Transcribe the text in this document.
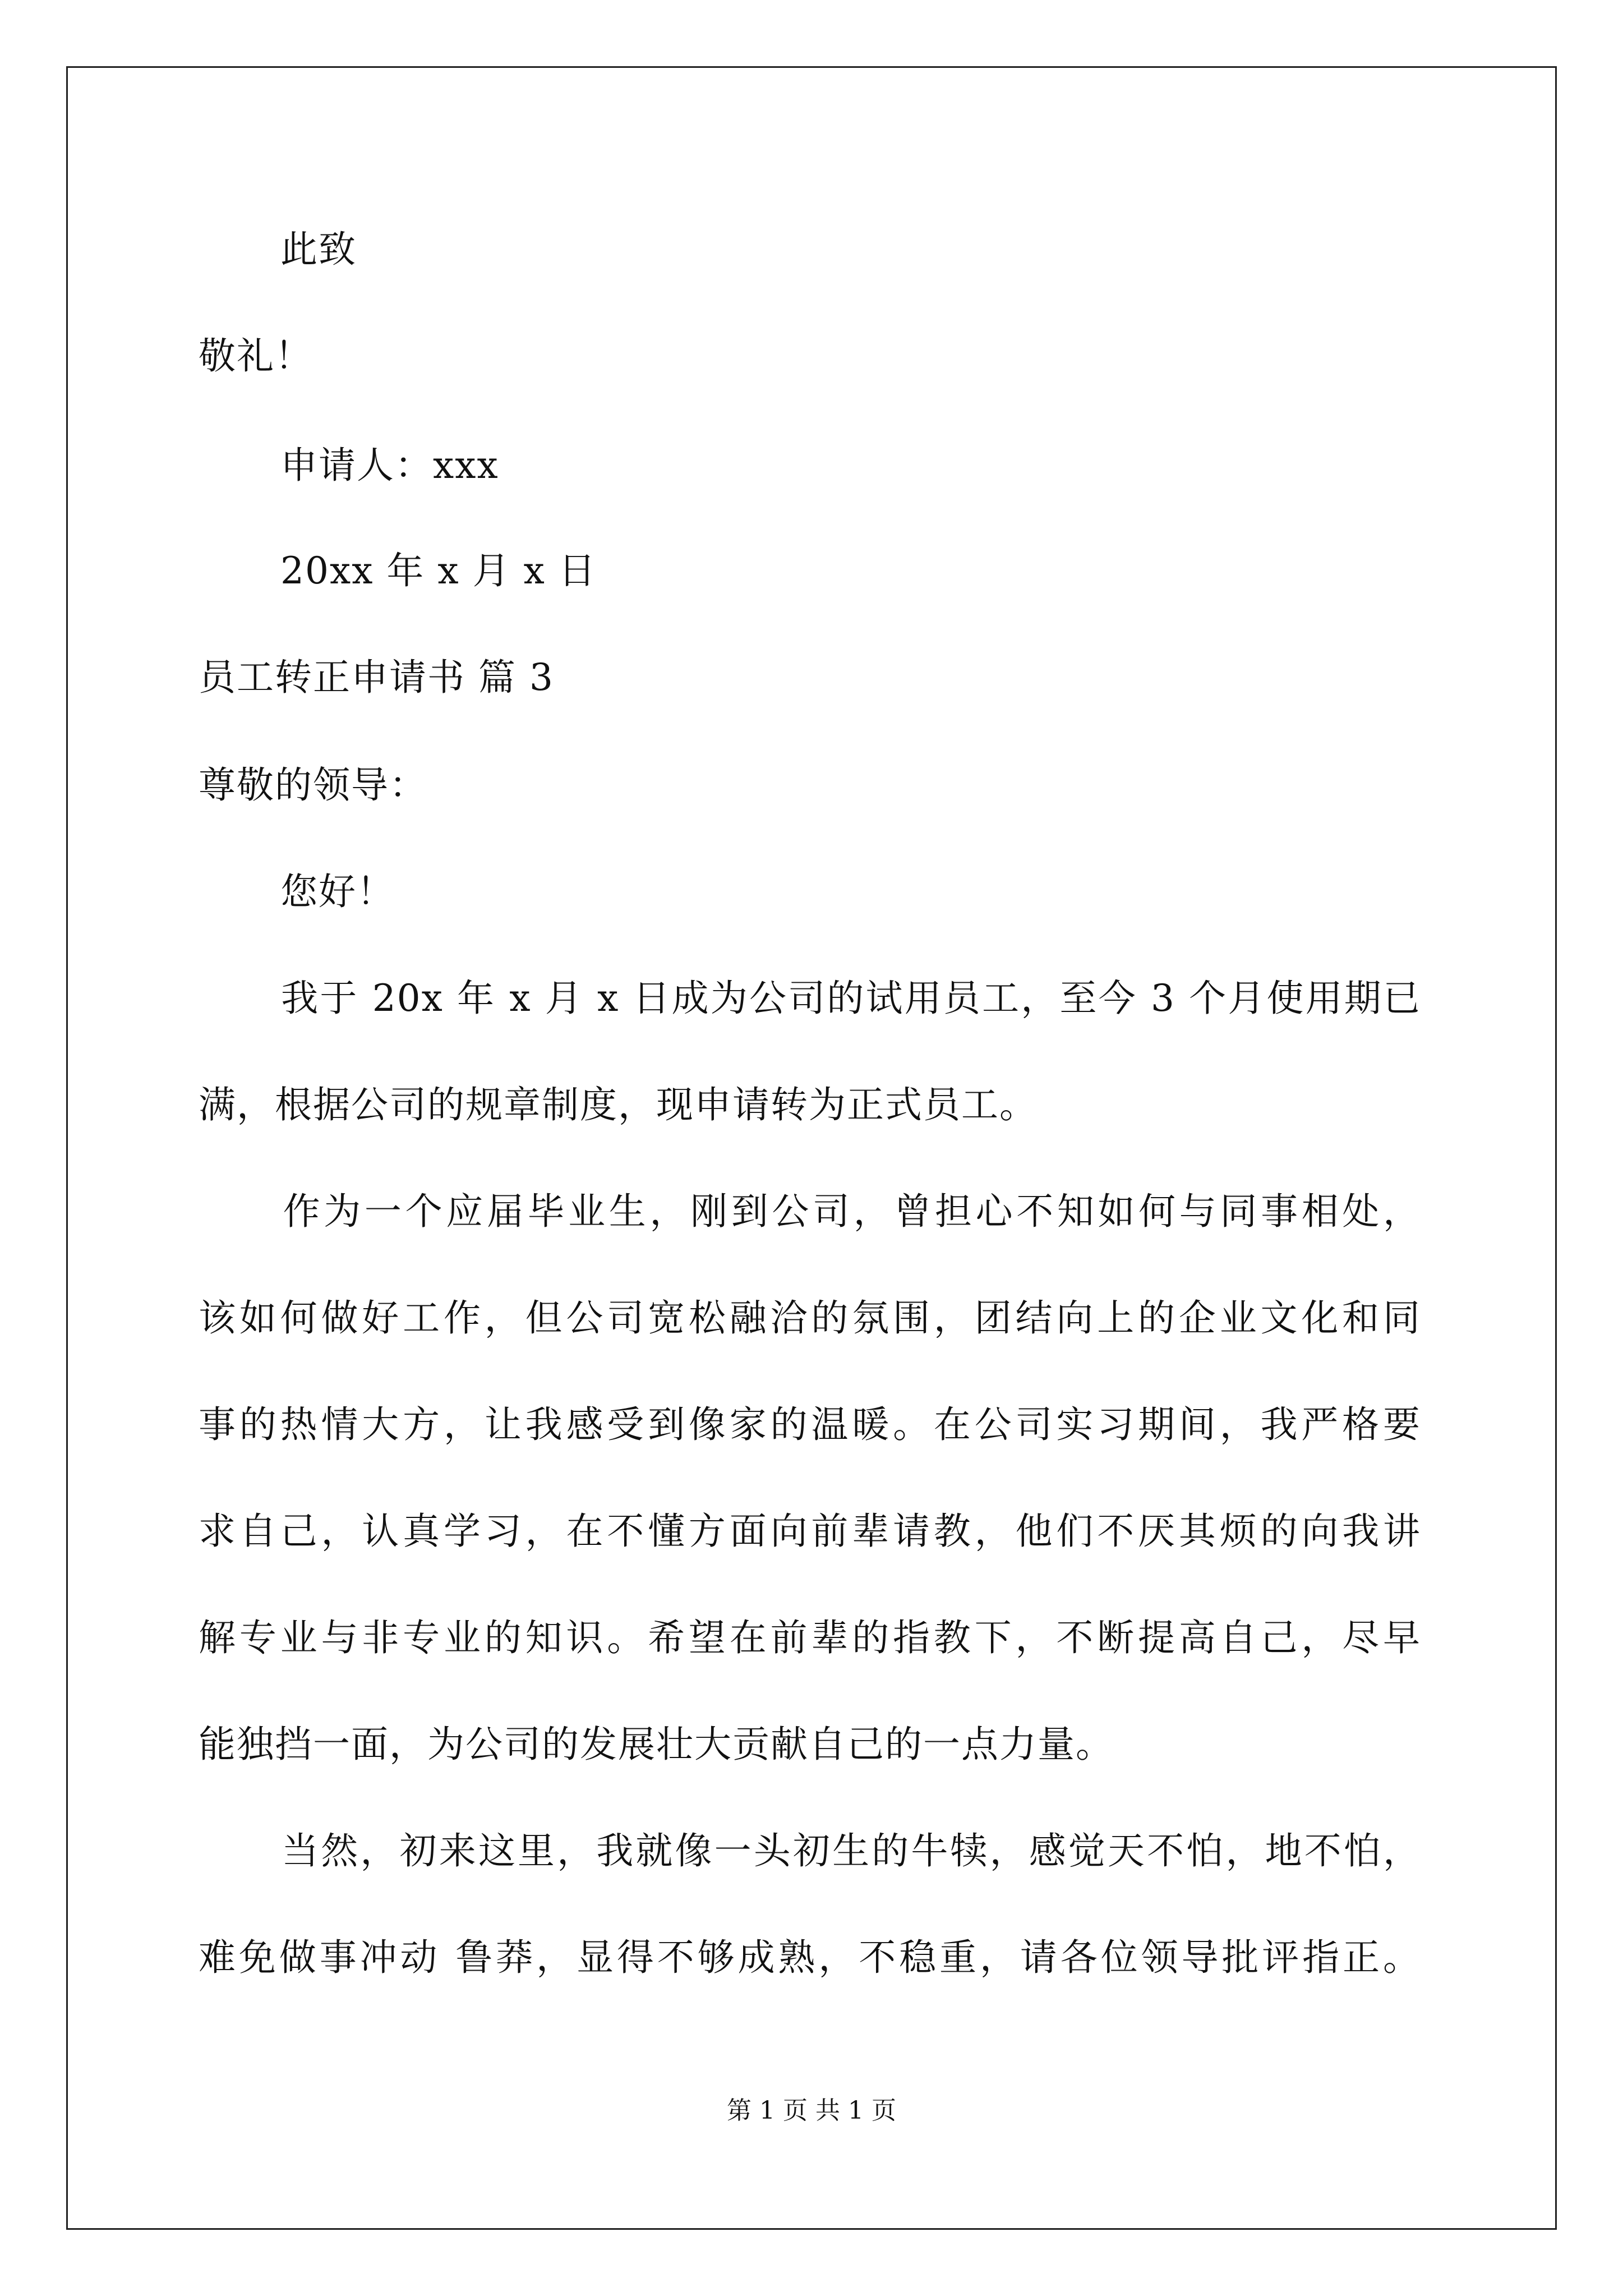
此致
敬礼！
申请人：xxx
20xx 年 x 月 x 日
员工转正申请书 篇 3
尊敬的领导：
您好！
我于 20x 年 x 月 x 日成为公司的试用员工，至今 3 个月使用期已
满，根据公司的规章制度，现申请转为正式员工。
作为一个应届毕业生，刚到公司，曾担心不知如何与同事相处，
该如何做好工作，但公司宽松融洽的氛围，团结向上的企业文化和同
事的热情大方，让我感受到像家的温暖。在公司实习期间，我严格要
求自己，认真学习，在不懂方面向前辈请教，他们不厌其烦的向我讲
解专业与非专业的知识。希望在前辈的指教下，不断提高自己，尽早
能独挡一面，为公司的发展壮大贡献自己的一点力量。
当然，初来这里，我就像一头初生的牛犊，感觉天不怕，地不怕，
难免做事冲动 鲁莽，显得不够成熟，不稳重，请各位领导批评指正。
第 1 页 共 1 页
